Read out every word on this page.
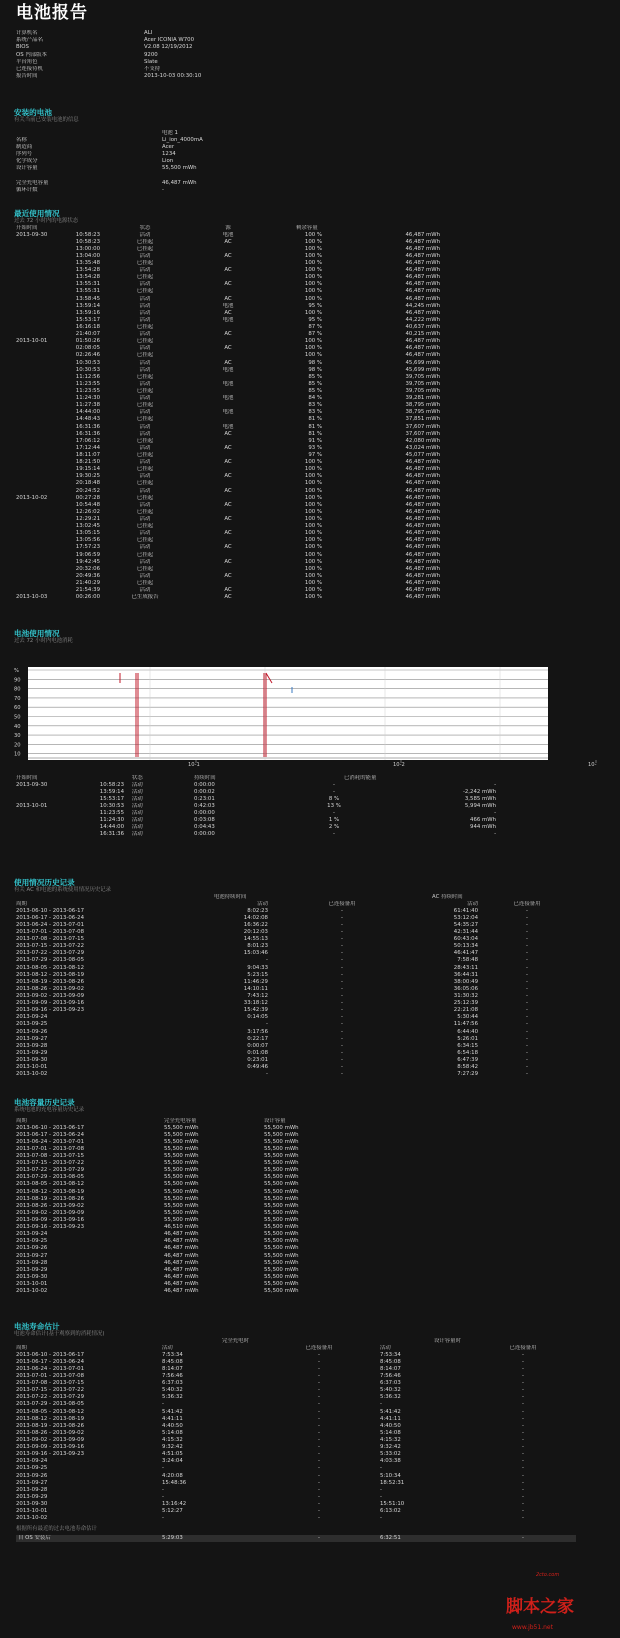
电池报告
计算机名	ALI
系统产品名	Acer ICONIA W700
BIOS	V2.08 12/19/2012
OS 内部版本	9200
平台角色	Slate
已连接待机	不支持
报告时间	2013-10-03 00:30:10
安装的电池
有关当前已安装电池的信息
	电池 1
名称	Li_ion_4000mA
制造商	Acer
序列号	1234
化学成分	Lion
设计容量	55,500 mWh

完全充电容量	46,487 mWh
循环计数	-
最近使用情况
过去 72 小时内的电源状态
开始时间		状态	源	剩余容量	
2013-09-30	10:58:23	活动	电池	100 %	46,487 mWh
	10:58:23	已挂起	AC	100 %	46,487 mWh
	13:00:00	已挂起		100 %	46,487 mWh
	13:04:00	活动	AC	100 %	46,487 mWh
	13:35:48	已挂起		100 %	46,487 mWh
	13:54:28	活动	AC	100 %	46,487 mWh
	13:54:28	已挂起		100 %	46,487 mWh
	13:55:31	活动	AC	100 %	46,487 mWh
	13:55:31	已挂起		100 %	46,487 mWh
	13:58:45	活动	AC	100 %	46,487 mWh
	13:59:14	活动	电池	95 %	44,245 mWh
	13:59:16	活动	AC	100 %	46,487 mWh
	15:53:17	活动	电池	95 %	44,222 mWh
	16:16:18	已挂起		87 %	40,637 mWh
	21:40:07	活动	AC	87 %	40,215 mWh
2013-10-01	01:50:26	已挂起		100 %	46,487 mWh
	02:08:05	活动	AC	100 %	46,487 mWh
	02:26:46	已挂起		100 %	46,487 mWh
	10:30:53	活动	AC	98 %	45,699 mWh
	10:30:53	活动	电池	98 %	45,699 mWh
	11:12:56	已挂起		85 %	39,705 mWh
	11:23:55	活动	电池	85 %	39,705 mWh
	11:23:55	已挂起		85 %	39,705 mWh
	11:24:30	活动	电池	84 %	39,281 mWh
	11:27:38	已挂起		83 %	38,795 mWh
	14:44:00	活动	电池	83 %	38,795 mWh
	14:48:43	已挂起		81 %	37,851 mWh
	16:31:36	活动	电池	81 %	37,607 mWh
	16:31:36	活动	AC	81 %	37,607 mWh
	17:06:12	已挂起		91 %	42,080 mWh
	17:12:44	活动	AC	93 %	43,024 mWh
	18:11:07	已挂起		97 %	45,077 mWh
	18:21:50	活动	AC	100 %	46,487 mWh
	19:15:14	已挂起		100 %	46,487 mWh
	19:30:25	活动	AC	100 %	46,487 mWh
	20:18:48	已挂起		100 %	46,487 mWh
	20:24:52	活动	AC	100 %	46,487 mWh
2013-10-02	00:27:28	已挂起		100 %	46,487 mWh
	10:54:48	活动	AC	100 %	46,487 mWh
	12:26:02	已挂起		100 %	46,487 mWh
	12:29:21	活动	AC	100 %	46,487 mWh
	13:02:45	已挂起		100 %	46,487 mWh
	13:05:15	活动	AC	100 %	46,487 mWh
	13:05:56	已挂起		100 %	46,487 mWh
	17:57:23	活动	AC	100 %	46,487 mWh
	19:06:59	已挂起		100 %	46,487 mWh
	19:42:45	活动	AC	100 %	46,487 mWh
	20:32:06	已挂起		100 %	46,487 mWh
	20:49:36	活动	AC	100 %	46,487 mWh
	21:40:29	已挂起		100 %	46,487 mWh
	21:54:39	活动	AC	100 %	46,487 mWh
2013-10-03	00:26:00	已生成报告	AC	100 %	46,487 mWh
电池使用情况
过去 72 小时内电池消耗
%
90
80
70
60
50
40
30
20
10
10-1	10-2	10-
开始时间		状态	持续时间	已消耗的能量	
2013-09-30	10:58:23	活动	0:00:00	-	-
	13:59:14	活动	0:00:02	-	-2,242 mWh
	15:53:17	活动	0:23:01	8 %	3,585 mWh
2013-10-01	10:30:53	活动	0:42:03	13 %	5,994 mWh
	11:23:55	活动	0:00:00	-	-
	11:24:30	活动	0:03:08	1 %	466 mWh
	14:44:00	活动	0:04:43	2 %	944 mWh
	16:31:36	活动	0:00:00	-	-
使用情况历史记录
有关 AC 和电池的系统使用情况历史记录
	电池持续时间		AC 持续时间	
周期	活动	已连接备用	活动	已连接备用
2013-06-10 - 2013-06-17	8:02:23	-	61:41:40	-
2013-06-17 - 2013-06-24	14:02:08	-	53:12:04	-
2013-06-24 - 2013-07-01	16:36:22	-	54:35:27	-
2013-07-01 - 2013-07-08	20:12:03	-	42:31:44	-
2013-07-08 - 2013-07-15	14:55:13	-	60:43:04	-
2013-07-15 - 2013-07-22	8:01:23	-	50:13:34	-
2013-07-22 - 2013-07-29	15:03:46	-	46:41:47	-
2013-07-29 - 2013-08-05	-	-	7:58:48	-
2013-08-05 - 2013-08-12	9:04:33	-	28:43:11	-
2013-08-12 - 2013-08-19	5:23:15	-	36:44:31	-
2013-08-19 - 2013-08-26	11:46:29	-	38:00:49	-
2013-08-26 - 2013-09-02	14:10:11	-	36:05:06	-
2013-09-02 - 2013-09-09	7:43:12	-	31:30:32	-
2013-09-09 - 2013-09-16	33:18:12	-	25:12:39	-
2013-09-16 - 2013-09-23	15:42:39	-	22:21:08	-
2013-09-24	0:14:05	-	5:30:44	-
2013-09-25	-	-	11:47:56	-
2013-09-26	3:17:56	-	6:44:40	-
2013-09-27	0:22:17	-	5:26:01	-
2013-09-28	0:00:07	-	6:34:15	-
2013-09-29	0:01:08	-	6:54:18	-
2013-09-30	0:23:01	-	6:47:39	-
2013-10-01	0:49:46	-	8:58:42	-
2013-10-02	-	-	7:27:29	-
电池容量历史记录
系统电池的充电容量历史记录
周期	完全充电容量	设计容量
2013-06-10 - 2013-06-17	55,500 mWh	55,500 mWh
2013-06-17 - 2013-06-24	55,500 mWh	55,500 mWh
2013-06-24 - 2013-07-01	55,500 mWh	55,500 mWh
2013-07-01 - 2013-07-08	55,500 mWh	55,500 mWh
2013-07-08 - 2013-07-15	55,500 mWh	55,500 mWh
2013-07-15 - 2013-07-22	55,500 mWh	55,500 mWh
2013-07-22 - 2013-07-29	55,500 mWh	55,500 mWh
2013-07-29 - 2013-08-05	55,500 mWh	55,500 mWh
2013-08-05 - 2013-08-12	55,500 mWh	55,500 mWh
2013-08-12 - 2013-08-19	55,500 mWh	55,500 mWh
2013-08-19 - 2013-08-26	55,500 mWh	55,500 mWh
2013-08-26 - 2013-09-02	55,500 mWh	55,500 mWh
2013-09-02 - 2013-09-09	55,500 mWh	55,500 mWh
2013-09-09 - 2013-09-16	55,500 mWh	55,500 mWh
2013-09-16 - 2013-09-23	46,510 mWh	55,500 mWh
2013-09-24	46,487 mWh	55,500 mWh
2013-09-25	46,487 mWh	55,500 mWh
2013-09-26	46,487 mWh	55,500 mWh
2013-09-27	46,487 mWh	55,500 mWh
2013-09-28	46,487 mWh	55,500 mWh
2013-09-29	46,487 mWh	55,500 mWh
2013-09-30	46,487 mWh	55,500 mWh
2013-10-01	46,487 mWh	55,500 mWh
2013-10-02	46,487 mWh	55,500 mWh
电池寿命估计
电池寿命估计(基于观察到的消耗情况)
	完全充电时		设计容量时	
周期	活动	已连接备用	活动	已连接备用
2013-06-10 - 2013-06-17	7:53:34	-	7:53:34	-
2013-06-17 - 2013-06-24	8:45:08	-	8:45:08	-
2013-06-24 - 2013-07-01	8:14:07	-	8:14:07	-
2013-07-01 - 2013-07-08	7:56:46	-	7:56:46	-
2013-07-08 - 2013-07-15	6:37:03	-	6:37:03	-
2013-07-15 - 2013-07-22	5:40:32	-	5:40:32	-
2013-07-22 - 2013-07-29	5:36:32	-	5:36:32	-
2013-07-29 - 2013-08-05	-	-	-	-
2013-08-05 - 2013-08-12	5:41:42	-	5:41:42	-
2013-08-12 - 2013-08-19	4:41:11	-	4:41:11	-
2013-08-19 - 2013-08-26	4:40:50	-	4:40:50	-
2013-08-26 - 2013-09-02	5:14:08	-	5:14:08	-
2013-09-02 - 2013-09-09	4:15:32	-	4:15:32	-
2013-09-09 - 2013-09-16	9:32:42	-	9:32:42	-
2013-09-16 - 2013-09-23	4:51:05	-	5:33:02	-
2013-09-24	3:24:04	-	4:03:38	-
2013-09-25	-	-	-	-
2013-09-26	4:20:08	-	5:10:34	-
2013-09-27	15:48:36	-	18:52:31	-
2013-09-28	-	-	-	-
2013-09-29	-	-	-	-
2013-09-30	13:16:42	-	15:51:10	-
2013-10-01	5:12:27	-	6:13:02	-
2013-10-02	-	-	-	-
根据所有最近的过去电池寿命估计
自 OS 安装后	5:29:03	-	6:32:51	-
2cto.com
脚本之家
www.jb51.net
